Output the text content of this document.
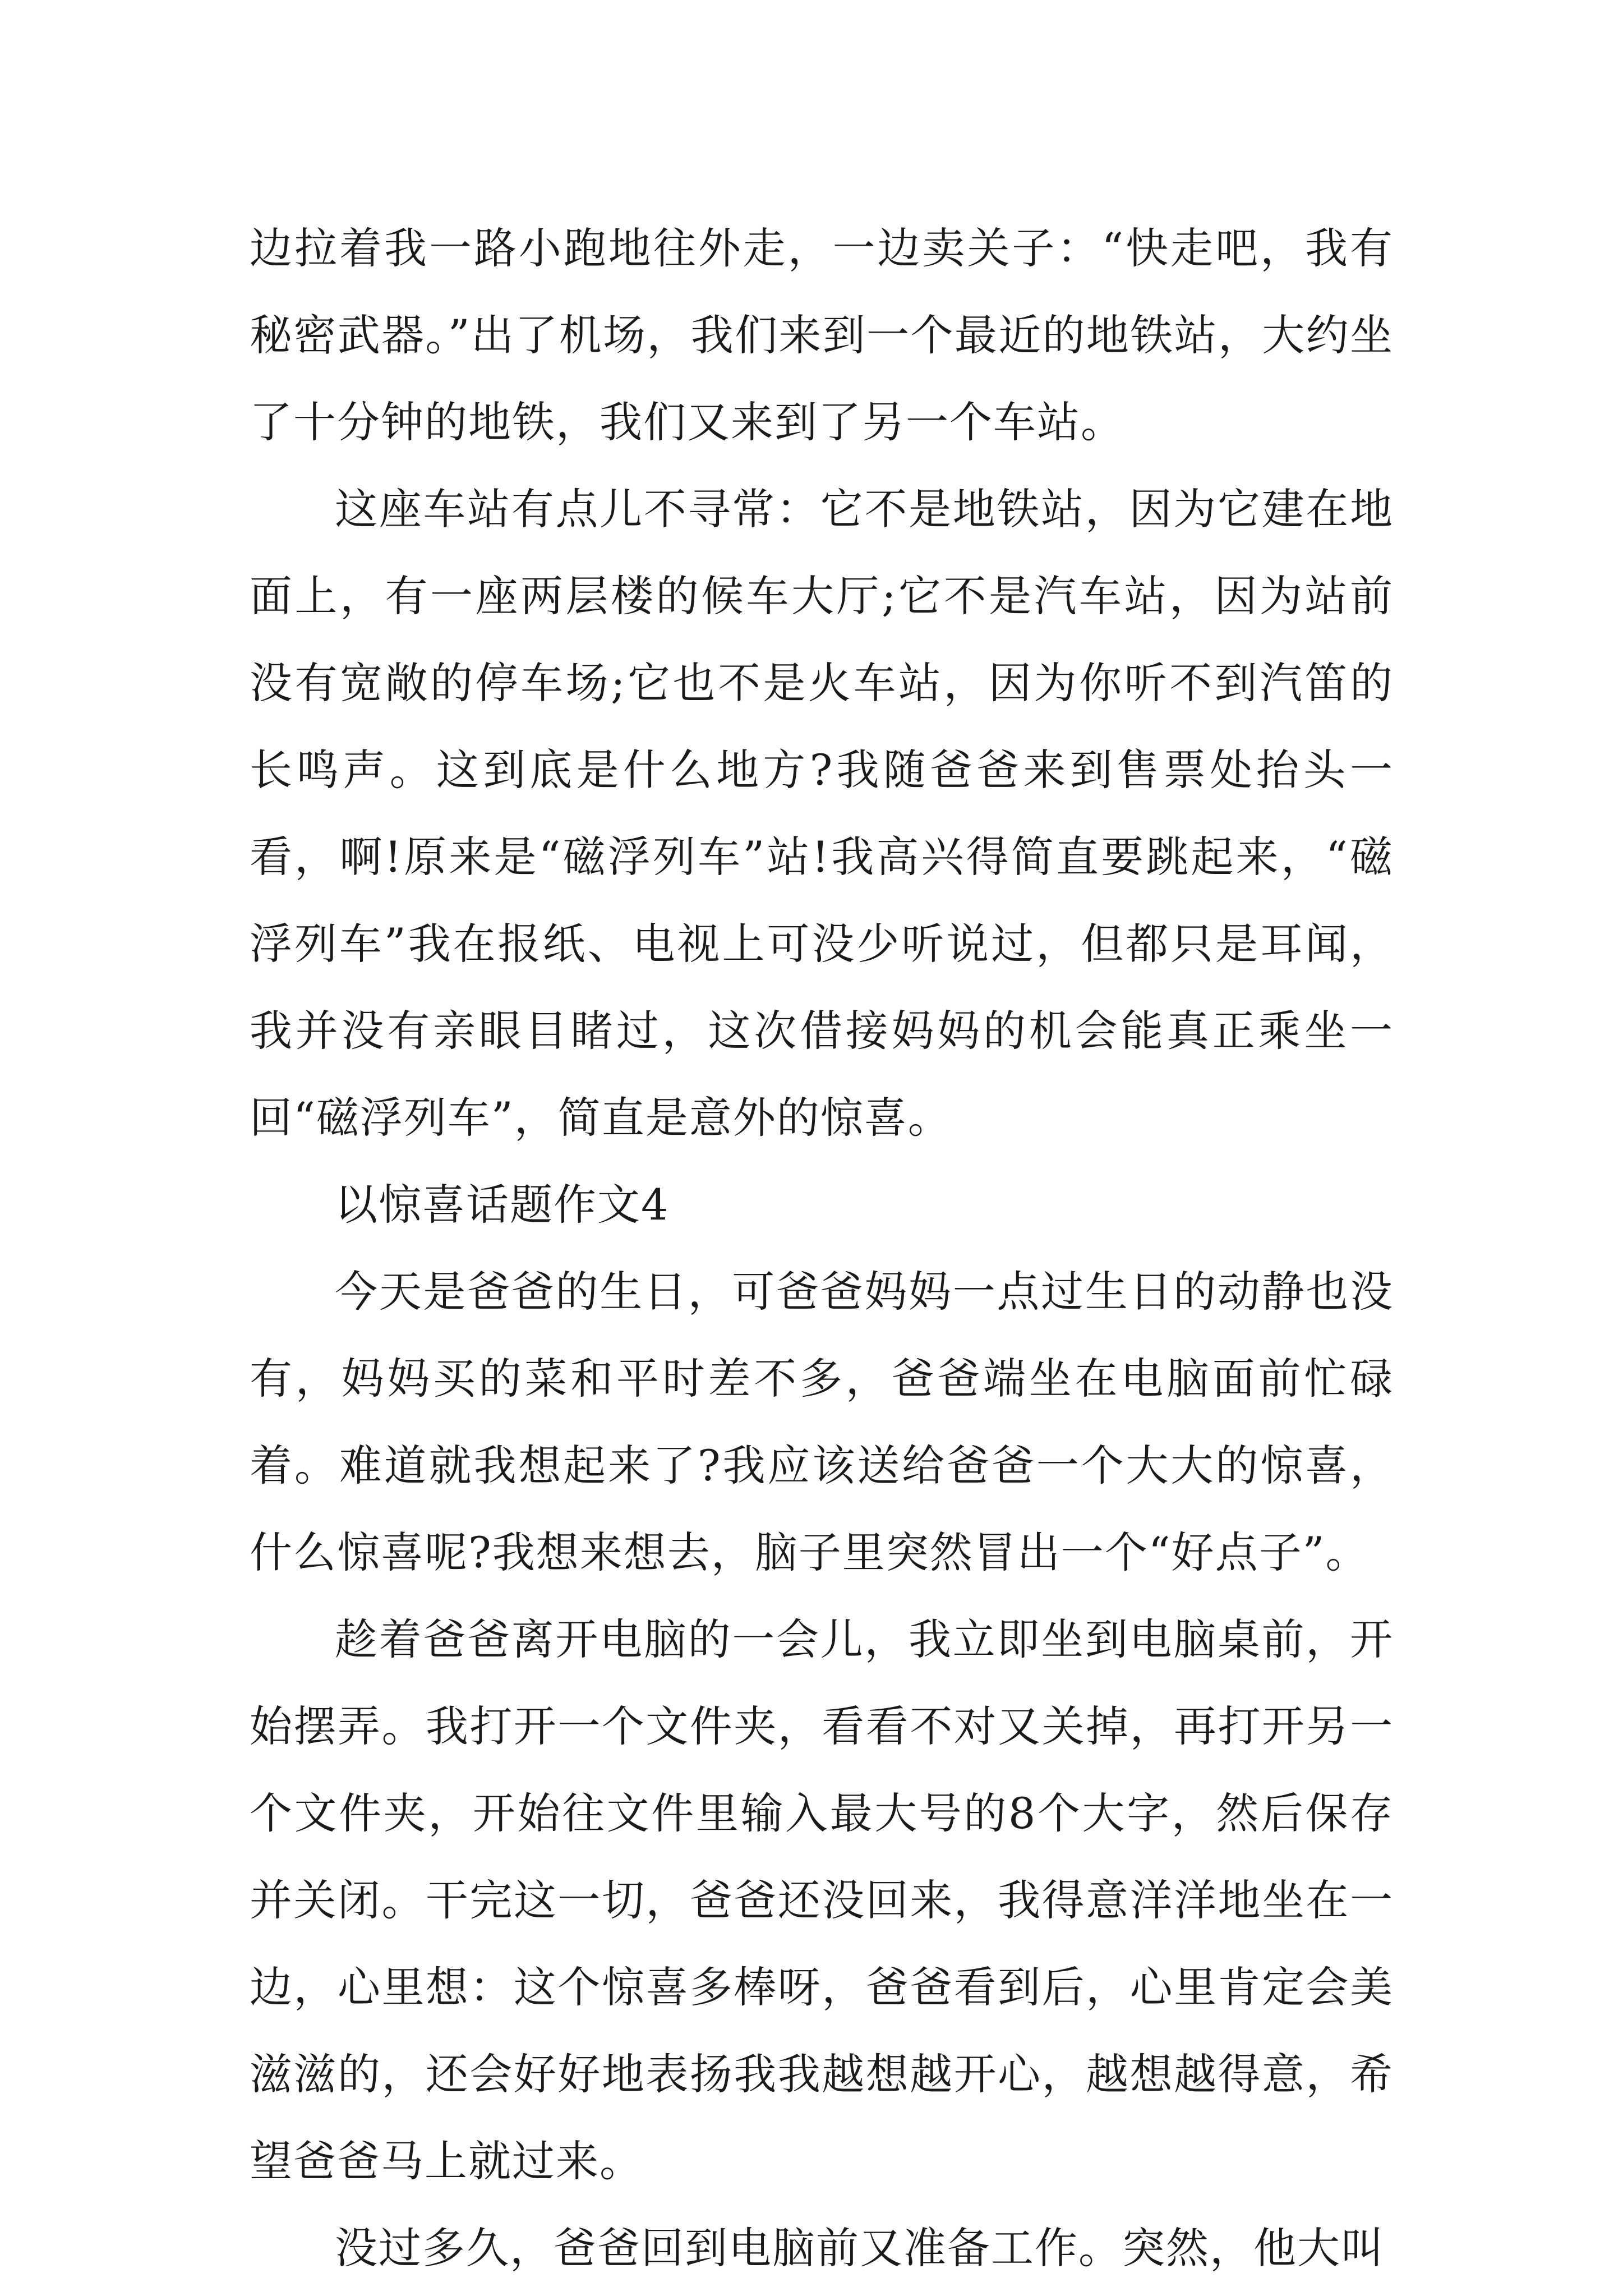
边拉着我一路小跑地往外走，一边卖关子：“快走吧，我有秘密武器。”出了机场，我们来到一个最近的地铁站，大约坐了十分钟的地铁，我们又来到了另一个车站。

这座车站有点儿不寻常：它不是地铁站，因为它建在地面上，有一座两层楼的候车大厅;它不是汽车站，因为站前没有宽敞的停车场;它也不是火车站，因为你听不到汽笛的长鸣声。这到底是什么地方?我随爸爸来到售票处抬头一看，啊!原来是“磁浮列车”站!我高兴得简直要跳起来，“磁浮列车”我在报纸、电视上可没少听说过，但都只是耳闻，我并没有亲眼目睹过，这次借接妈妈的机会能真正乘坐一回“磁浮列车”，简直是意外的惊喜。

以惊喜话题作文4

今天是爸爸的生日，可爸爸妈妈一点过生日的动静也没有，妈妈买的菜和平时差不多，爸爸端坐在电脑面前忙碌着。难道就我想起来了?我应该送给爸爸一个大大的惊喜，什么惊喜呢?我想来想去，脑子里突然冒出一个“好点子”。

趁着爸爸离开电脑的一会儿，我立即坐到电脑桌前，开始摆弄。我打开一个文件夹，看看不对又关掉，再打开另一个文件夹，开始往文件里输入最大号的8个大字，然后保存并关闭。干完这一切，爸爸还没回来，我得意洋洋地坐在一边，心里想：这个惊喜多棒呀，爸爸看到后，心里肯定会美滋滋的，还会好好地表扬我我越想越开心，越想越得意，希望爸爸马上就过来。

没过多久，爸爸回到电脑前又准备工作。突然，他大叫
